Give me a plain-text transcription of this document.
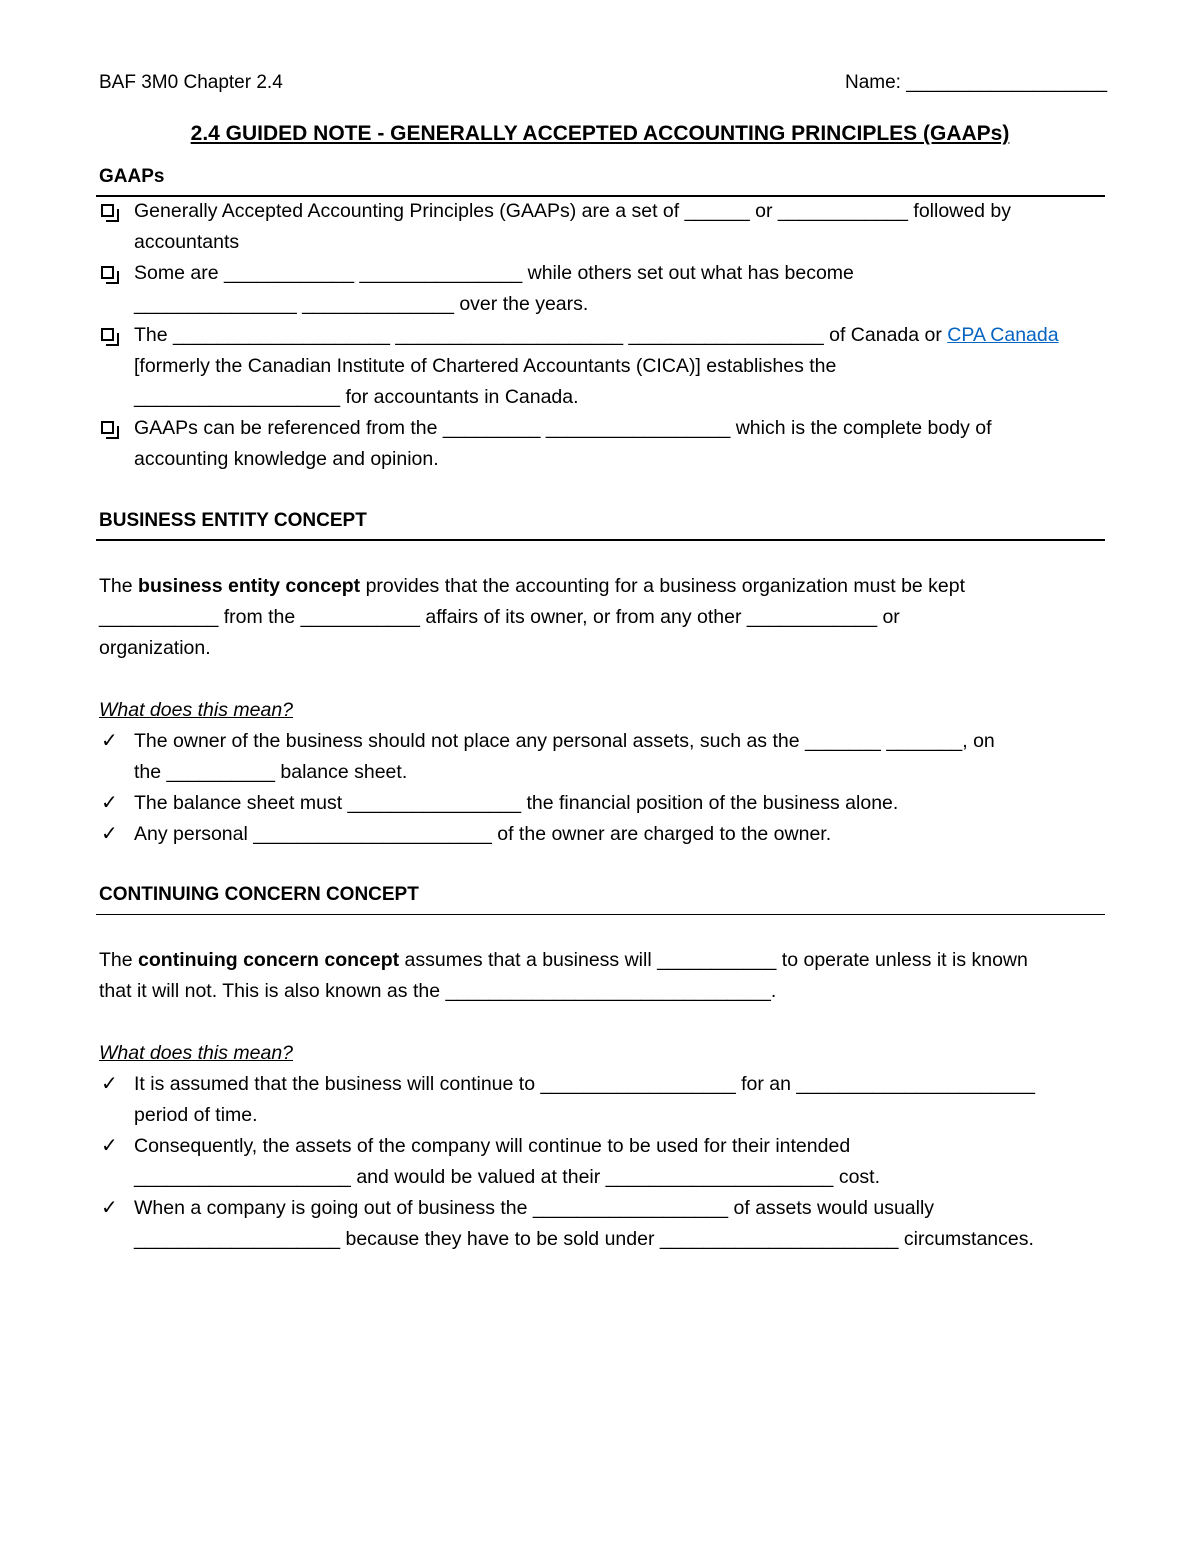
BAF 3M0 Chapter 2.4	Name: ___________________
2.4 GUIDED NOTE - GENERALLY ACCEPTED ACCOUNTING PRINCIPLES (GAAPs)
GAAPs
Generally Accepted Accounting Principles (GAAPs) are a set of ______ or ____________ followed by
accountants
Some are ____________ _______________ while others set out what has become
_______________ ______________ over the years.
The ____________________ _____________________ __________________ of Canada or CPA Canada
[formerly the Canadian Institute of Chartered Accountants (CICA)] establishes the
___________________ for accountants in Canada.
GAAPs can be referenced from the _________ _________________ which is the complete body of
accounting knowledge and opinion.
BUSINESS ENTITY CONCEPT
The business entity concept provides that the accounting for a business organization must be kept
___________ from the ___________ affairs of its owner, or from any other ____________ or
organization.
What does this mean?
✓ The owner of the business should not place any personal assets, such as the _______ _______, on
the __________ balance sheet.
✓ The balance sheet must ________________ the financial position of the business alone.
✓ Any personal ______________________ of the owner are charged to the owner.
CONTINUING CONCERN CONCEPT
The continuing concern concept assumes that a business will ___________ to operate unless it is known
that it will not. This is also known as the ______________________________.
What does this mean?
✓ It is assumed that the business will continue to __________________ for an ______________________
period of time.
✓ Consequently, the assets of the company will continue to be used for their intended
____________________ and would be valued at their _____________________ cost.
✓ When a company is going out of business the __________________ of assets would usually
___________________ because they have to be sold under ______________________ circumstances.
